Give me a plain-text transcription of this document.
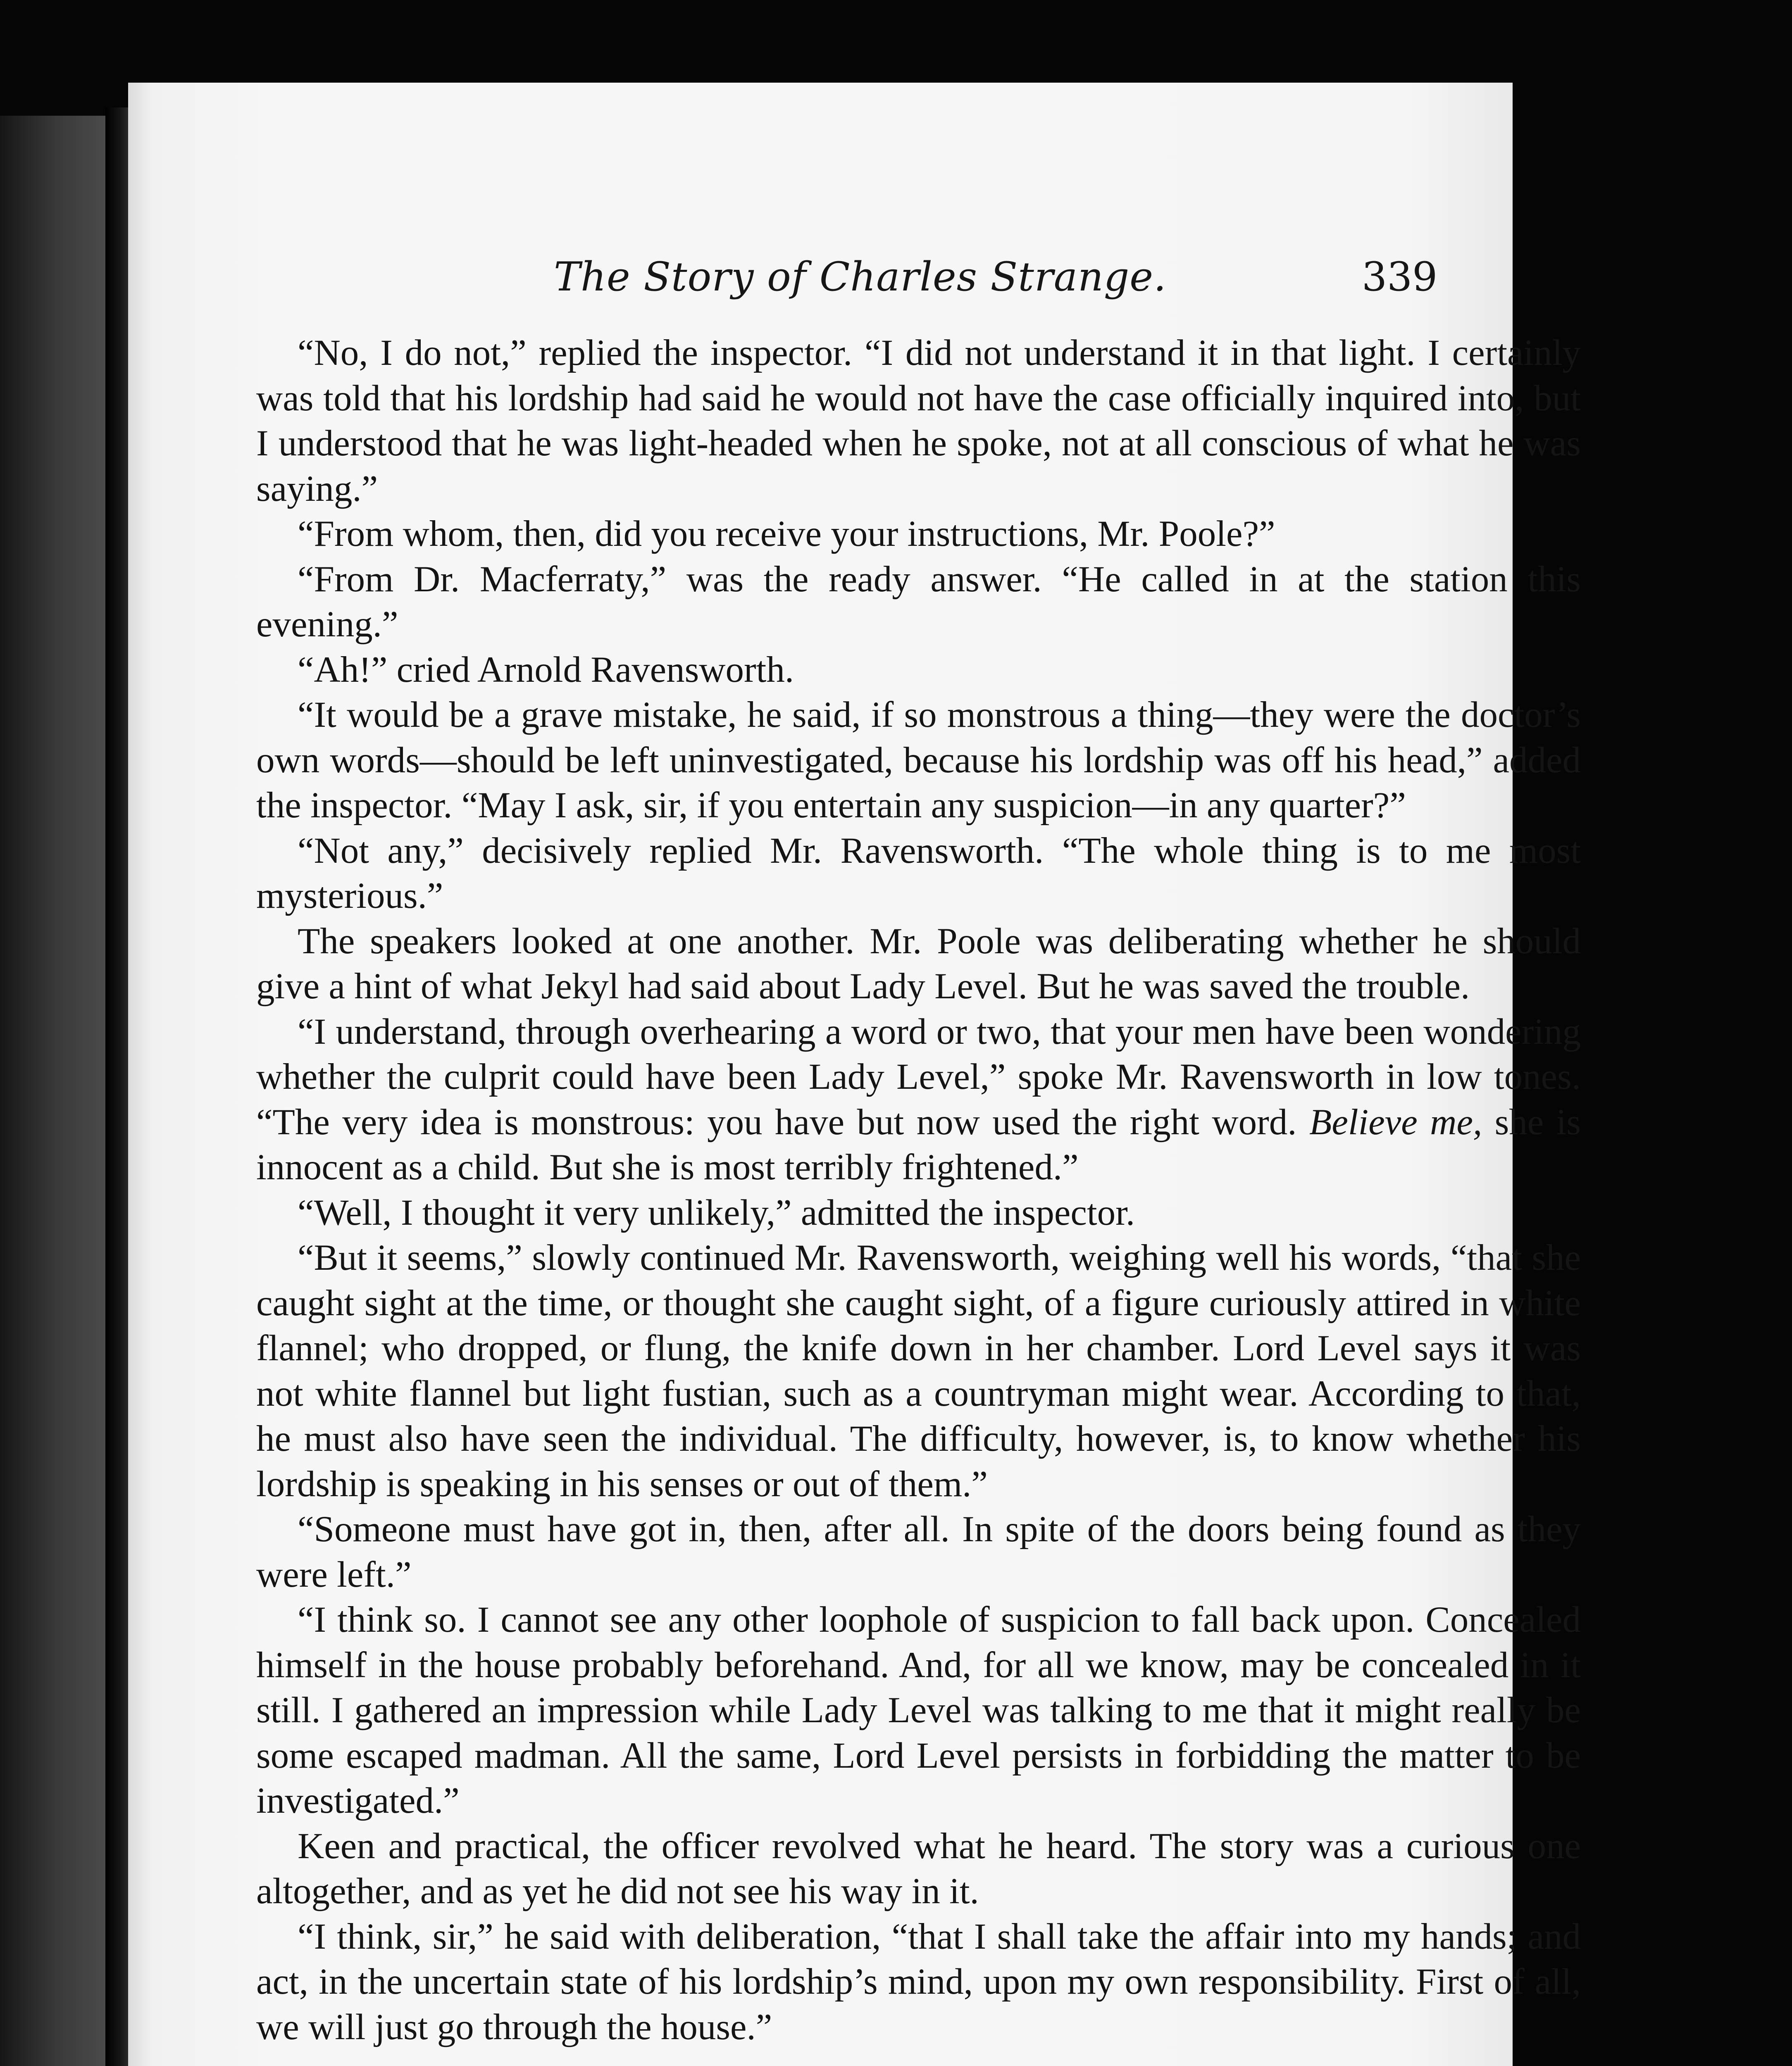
The Story of Charles Strange.	339

“No, I do not,” replied the inspector. “I did not understand it in that light. I certainly was told that his lordship had said he would not have the case officially inquired into, but I understood that he was light-headed when he spoke, not at all conscious of what he was saying.”

“From whom, then, did you receive your instructions, Mr. Poole?”

“From Dr. Macferraty,” was the ready answer. “He called in at the station this evening.”

“Ah!” cried Arnold Ravensworth.

“It would be a grave mistake, he said, if so monstrous a thing—they were the doctor’s own words—should be left uninvestigated, because his lordship was off his head,” added the inspector. “May I ask, sir, if you entertain any suspicion—in any quarter?”

“Not any,” decisively replied Mr. Ravensworth. “The whole thing is to me most mysterious.”

The speakers looked at one another. Mr. Poole was deliberating whether he should give a hint of what Jekyl had said about Lady Level. But he was saved the trouble.

“I understand, through overhearing a word or two, that your men have been wondering whether the culprit could have been Lady Level,” spoke Mr. Ravensworth in low tones. “The very idea is monstrous: you have but now used the right word. Believe me, she is innocent as a child. But she is most terribly frightened.”

“Well, I thought it very unlikely,” admitted the inspector.

“But it seems,” slowly continued Mr. Ravensworth, weighing well his words, “that she caught sight at the time, or thought she caught sight, of a figure curiously attired in white flannel; who dropped, or flung, the knife down in her chamber. Lord Level says it was not white flannel but light fustian, such as a countryman might wear. According to that, he must also have seen the individual. The difficulty, however, is, to know whether his lordship is speaking in his senses or out of them.”

“Someone must have got in, then, after all. In spite of the doors being found as they were left.”

“I think so. I cannot see any other loophole of suspicion to fall back upon. Concealed himself in the house probably beforehand. And, for all we know, may be concealed in it still. I gathered an impression while Lady Level was talking to me that it might really be some escaped madman. All the same, Lord Level persists in forbidding the matter to be investigated.”

Keen and practical, the officer revolved what he heard. The story was a curious one altogether, and as yet he did not see his way in it.

“I think, sir,” he said with deliberation, “that I shall take the affair into my hands; and act, in the uncertain state of his lordship’s mind, upon my own responsibility. First of all, we will just go through the house.”
